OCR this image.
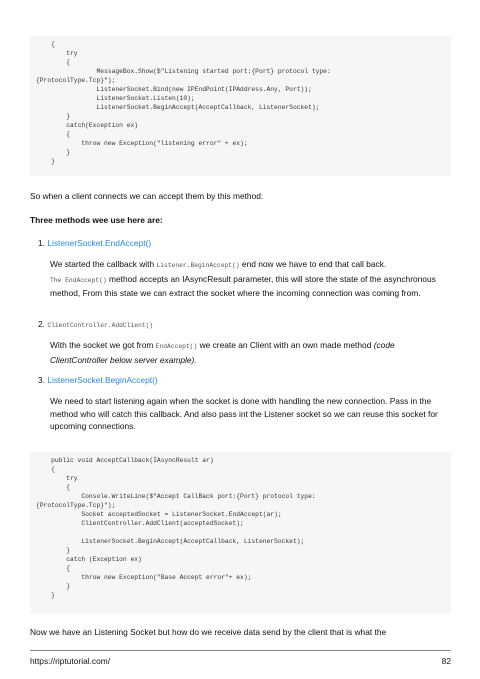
{
try
{
MessageBox.Show($"Listening started port:{Port} protocol type:
{ProtocolType.Tcp}");
ListenerSocket.Bind(new IPEndPoint(IPAddress.Any, Port));
ListenerSocket.Listen(10);
ListenerSocket.BeginAccept(AcceptCallback, ListenerSocket);
}
catch(Exception ex)
{
throw new Exception("listening error" + ex);
}
}

So when a client connects we can accept them by this method:

Three methods wee use here are:

1. ListenerSocket.EndAccept()

We started the callback with Listener.BeginAccept() end now we have to end that call back.
The EndAccept() method accepts an IAsyncResult parameter, this will store the state of the asynchronous method, From this state we can extract the socket where the incoming connection was coming from.

2. ClientController.AddClient()

With the socket we got from EndAccept() we create an Client with an own made method (code ClientController below server example).

3. ListenerSocket.BeginAccept()

We need to start listening again when the socket is done with handling the new connection. Pass in the method who will catch this callback. And also pass int the Listener socket so we can reuse this socket for upcoming connections.

public void AcceptCallback(IAsyncResult ar)
{
try
{
Console.WriteLine($"Accept CallBack port:{Port} protocol type:
{ProtocolType.Tcp}");
Socket acceptedSocket = ListenerSocket.EndAccept(ar);
ClientController.AddClient(acceptedSocket);

ListenerSocket.BeginAccept(AcceptCallback, ListenerSocket);
}
catch (Exception ex)
{
throw new Exception("Base Accept error"+ ex);
}
}

Now we have an Listening Socket but how do we receive data send by the client that is what the

https://riptutorial.com/	82
